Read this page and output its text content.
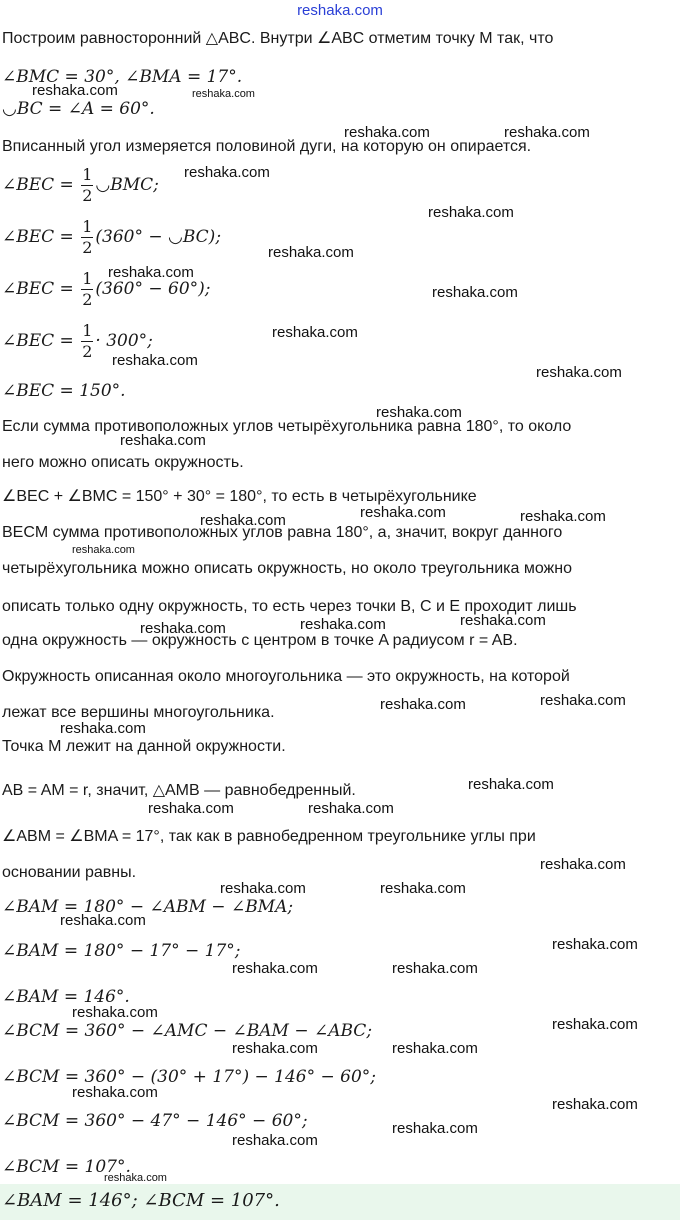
reshaka.com
Построим равносторонний △ABC. Внутри ∠ABC отметим точку M так, что
∠BMC = 30°, ∠BMA = 17°.
◡BC = ∠A = 60°.
Вписанный угол измеряется половиной дуги, на которую он опирается.
∠BEC = $\frac{1}{2}$ ◡BMC;
∠BEC = $\frac{1}{2} (360^\circ$ − ◡BC);
∠BEC = $\frac{1}{2} (360^\circ - 60^\circ)$;
∠BEC = $\frac{1}{2} \cdot 300^\circ$;
∠BEC = 150°.
Если сумма противоположных углов четырёхугольника равна 180°, то около
него можно описать окружность.
∠BEC + ∠BMC = 150° + 30° = 180°, то есть в четырёхугольнике
BECM сумма противоположных углов равна 180°, а, значит, вокруг данного
четырёхугольника можно описать окружность, но около треугольника можно
описать только одну окружность, то есть через точки B, C и E проходит лишь
одна окружность — окружность с центром в точке A радиусом r = AB.
Окружность описанная около многоугольника — это окружность, на которой
лежат все вершины многоугольника.
Точка M лежит на данной окружности.
AB = AM = r, значит, △AMB — равнобедренный.
∠ABM = ∠BMA = 17°, так как в равнобедренном треугольнике углы при
основании равны.
∠BAM = 180° − ∠ABM − ∠BMA;
∠BAM = 180° − 17° − 17°;
∠BAM = 146°.
∠BCM = 360° − ∠AMC − ∠BAM − ∠ABC;
∠BCM = 360° − (30° + 17°) − 146° − 60°;
∠BCM = 360° − 47° − 146° − 60°;
∠BCM = 107°.
∠BAM = 146°; ∠BCM = 107°.
reshaka.com	reshaka.com
reshaka.com	reshaka.com
reshaka.com
reshaka.com
reshaka.com
reshaka.com
reshaka.com
reshaka.com
reshaka.com
reshaka.com
reshaka.com
reshaka.com
reshaka.com
reshaka.com	reshaka.com
reshaka.com
reshaka.com	reshaka.com
reshaka.com
reshaka.com
reshaka.com
reshaka.com
reshaka.com
reshaka.com	reshaka.com
reshaka.com
reshaka.com	reshaka.com
reshaka.com
reshaka.com
reshaka.com	reshaka.com
reshaka.com
reshaka.com
reshaka.com	reshaka.com
reshaka.com
reshaka.com
reshaka.com
reshaka.com
reshaka.com
